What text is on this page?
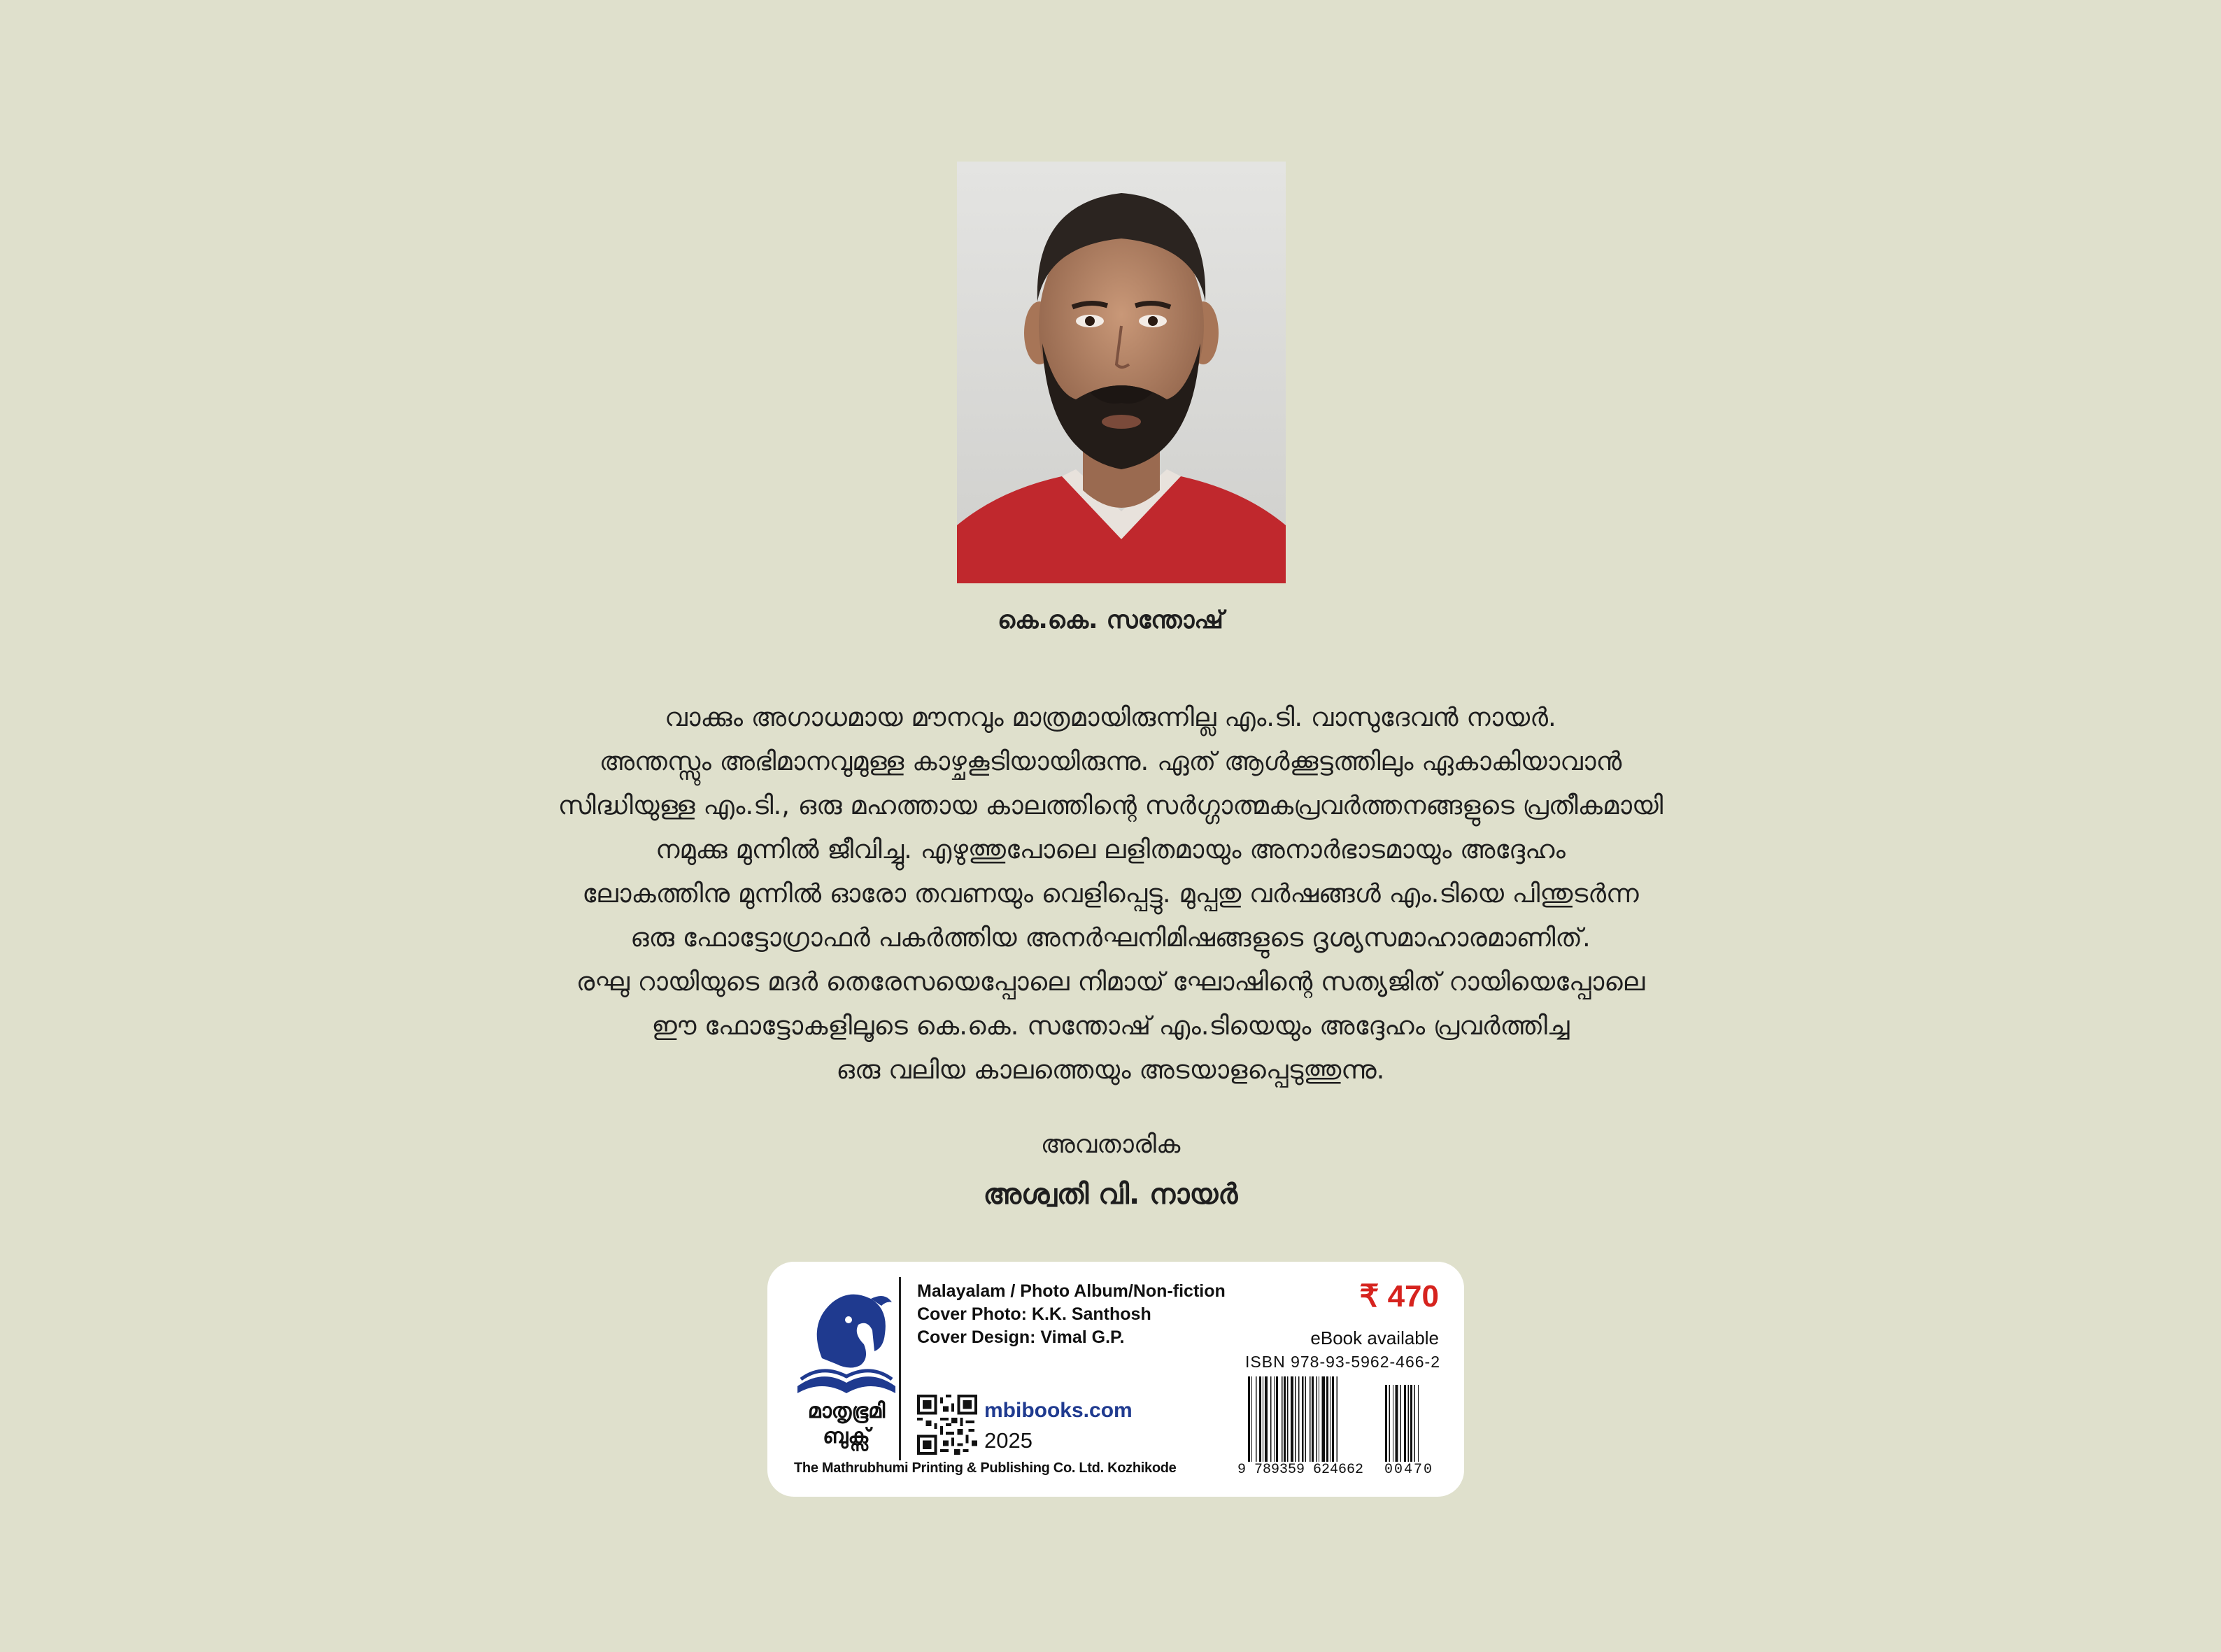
കെ.കെ. സന്തോഷ്
വാക്കും അഗാധമായ മൗനവും മാത്രമായിരുന്നില്ല എം.ടി. വാസുദേവൻ നായർ.
അന്തസ്സും അഭിമാനവുമുള്ള കാഴ്ചകൂടിയായിരുന്നു. ഏത് ആൾക്കൂട്ടത്തിലും ഏകാകിയാവാൻ
സിദ്ധിയുള്ള എം.ടി., ഒരു മഹത്തായ കാലത്തിന്റെ സർഗ്ഗാത്മകപ്രവർത്തനങ്ങളുടെ പ്രതീകമായി
നമുക്കു മുന്നിൽ ജീവിച്ചു. എഴുത്തുപോലെ ലളിതമായും അനാർഭാടമായും അദ്ദേഹം
ലോകത്തിനു മുന്നിൽ ഓരോ തവണയും വെളിപ്പെട്ടു. മുപ്പതു വർഷങ്ങൾ എം.ടിയെ പിന്തുടർന്ന
ഒരു ഫോട്ടോഗ്രാഫർ പകർത്തിയ അനർഘനിമിഷങ്ങളുടെ ദൃശ്യസമാഹാരമാണിത്.
രഘു റായിയുടെ മദർ തെരേസയെപ്പോലെ നിമായ് ഘോഷിന്റെ സത്യജിത് റായിയെപ്പോലെ
ഈ ഫോട്ടോകളിലൂടെ കെ.കെ. സന്തോഷ് എം.ടിയെയും അദ്ദേഹം പ്രവർത്തിച്ച
ഒരു വലിയ കാലത്തെയും അടയാളപ്പെടുത്തുന്നു.
അവതാരിക
അശ്വതി വി. നായർ
മാതൃഭൂമി
ബുക്സ്
Malayalam / Photo Album/Non-fiction
Cover Photo: K.K. Santhosh
Cover Design: Vimal G.P.
mbibooks.com
2025
The Mathrubhumi Printing & Publishing Co. Ltd. Kozhikode
₹ 470
eBook available
ISBN 978-93-5962-466-2
9 789359 624662 00470
